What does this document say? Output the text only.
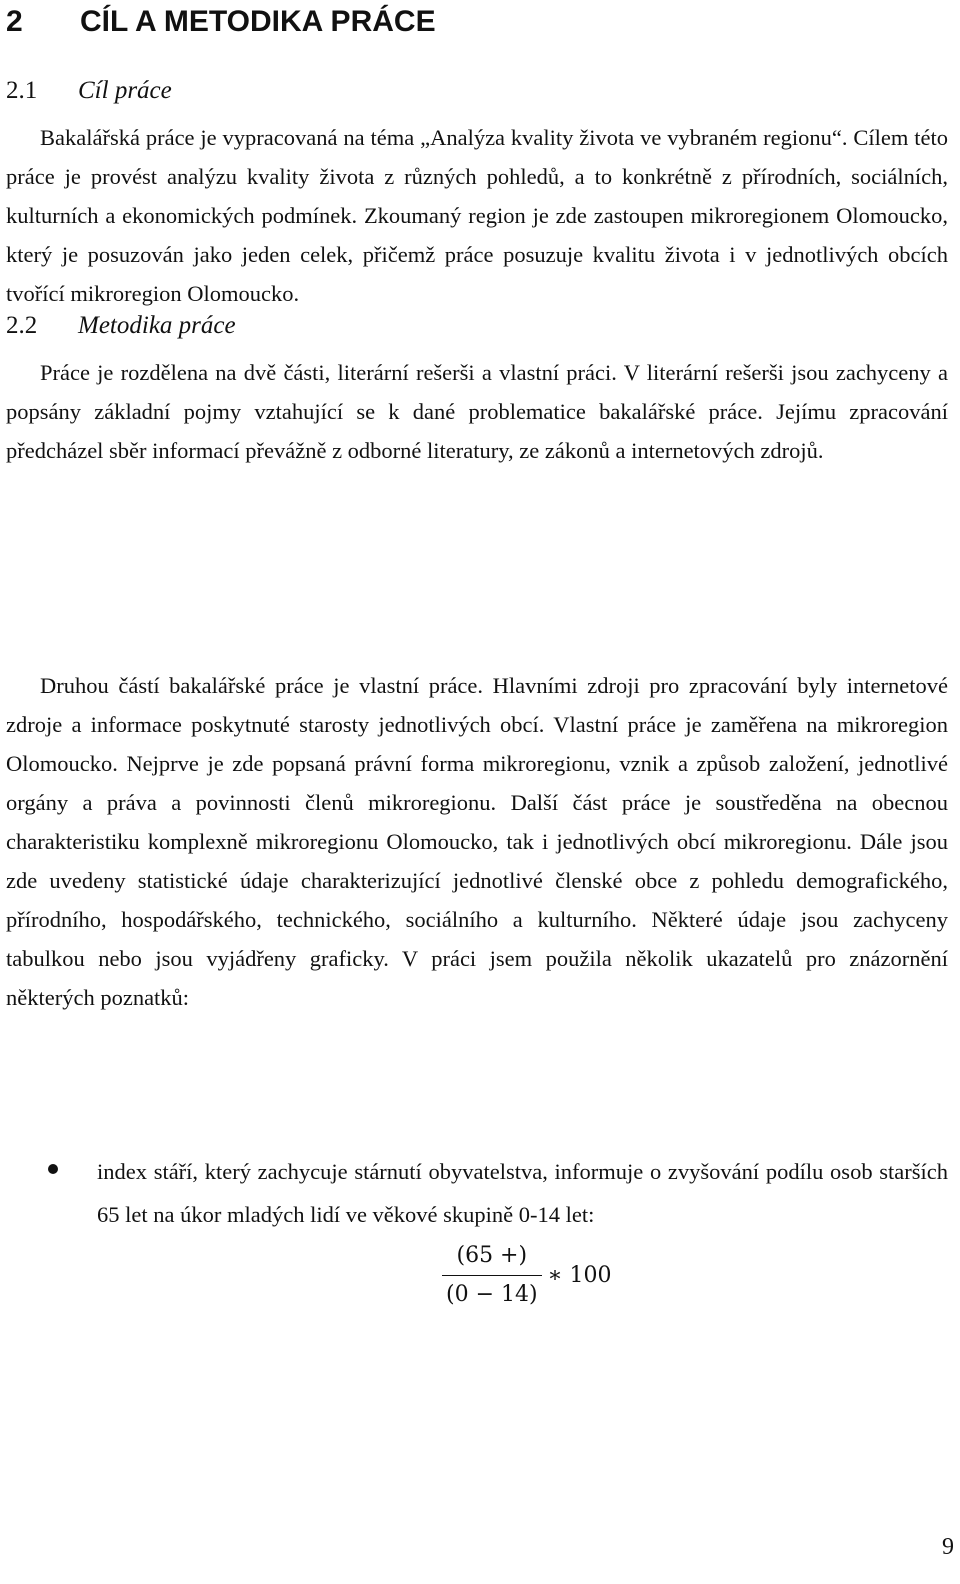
2 CÍL A METODIKA PRÁCE
2.1 Cíl práce

Bakalářská práce je vypracovaná na téma „Analýza kvality života ve vybraném regionu“. Cílem této práce je provést analýzu kvality života z různých pohledů, a to konkrétně z přírodních, sociálních, kulturních a ekonomických podmínek. Zkoumaný region je zde zastoupen mikroregionem Olomoucko, který je posuzován jako jeden celek, přičemž práce posuzuje kvalitu života i v jednotlivých obcích tvořící mikroregion Olomoucko.

2.2 Metodika práce

Práce je rozdělena na dvě části, literární rešerši a vlastní práci. V literární rešerši jsou zachyceny a popsány základní pojmy vztahující se k dané problematice bakalářské práce. Jejímu zpracování předcházel sběr informací převážně z odborné literatury, ze zákonů a internetových zdrojů.

Druhou částí bakalářské práce je vlastní práce. Hlavními zdroji pro zpracování byly internetové zdroje a informace poskytnuté starosty jednotlivých obcí. Vlastní práce je zaměřena na mikroregion Olomoucko. Nejprve je zde popsaná právní forma mikroregionu, vznik a způsob založení, jednotlivé orgány a práva a povinnosti členů mikroregionu. Další část práce je soustředěna na obecnou charakteristiku komplexně mikroregionu Olomoucko, tak i jednotlivých obcí mikroregionu. Dále jsou zde uvedeny statistické údaje charakterizující jednotlivé členské obce z pohledu demografického, přírodního, hospodářského, technického, sociálního a kulturního. Některé údaje jsou zachyceny tabulkou nebo jsou vyjádřeny graficky. V práci jsem použila několik ukazatelů pro znázornění některých poznatků:

index stáří, který zachycuje stárnutí obyvatelstva, informuje o zvyšování podílu osob starších 65 let na úkor mladých lidí ve věkové skupině 0-14 let:

$\frac{(65 +)}{(0 - 14)}$ ∗ 100
9
